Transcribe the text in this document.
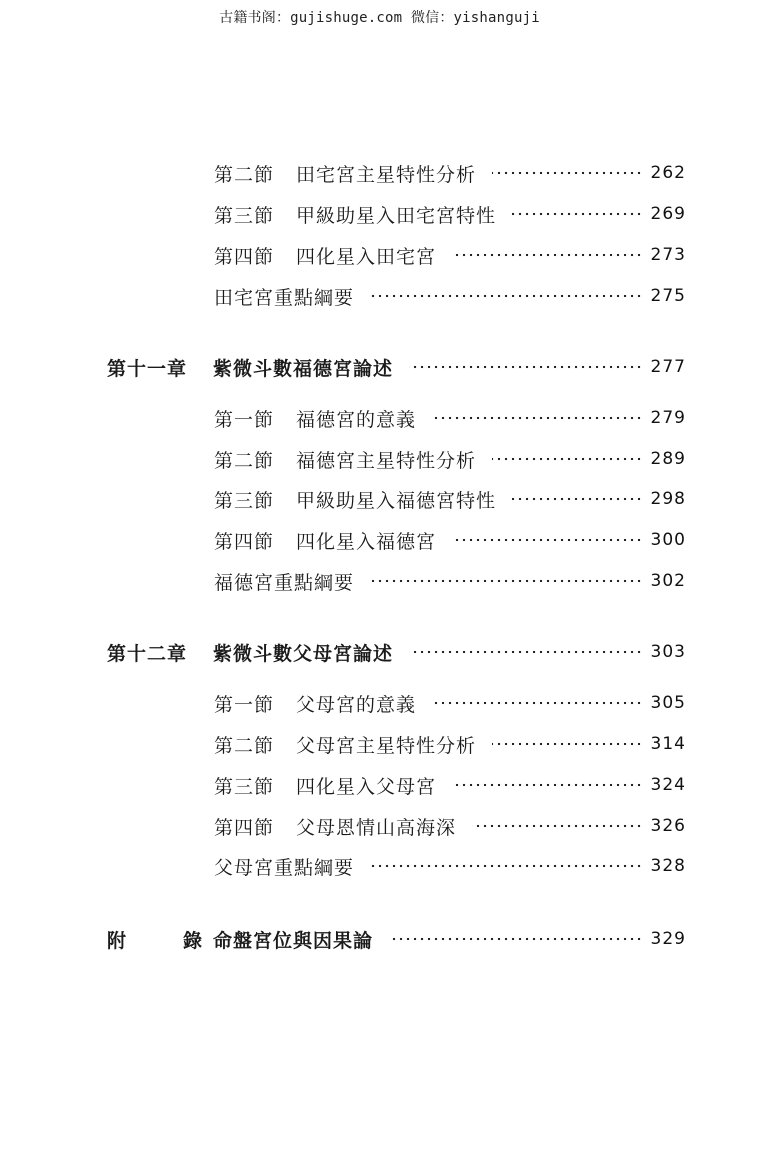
古籍书阁：gujishuge.com 微信：yishanguji
第二節 田宅宮主星特性分析	262
第三節 甲級助星入田宅宮特性	269
第四節 四化星入田宅宮	273
田宅宮重點綱要	275
第十一章 紫微斗數福德宮論述	277
第一節 福德宮的意義	279
第二節 福德宮主星特性分析	289
第三節 甲級助星入福德宮特性	298
第四節 四化星入福德宮	300
福德宮重點綱要	302
第十二章 紫微斗數父母宮論述	303
第一節 父母宮的意義	305
第二節 父母宮主星特性分析	314
第三節 四化星入父母宮	324
第四節 父母恩情山高海深	326
父母宮重點綱要	328
附	錄 命盤宮位與因果論	329
